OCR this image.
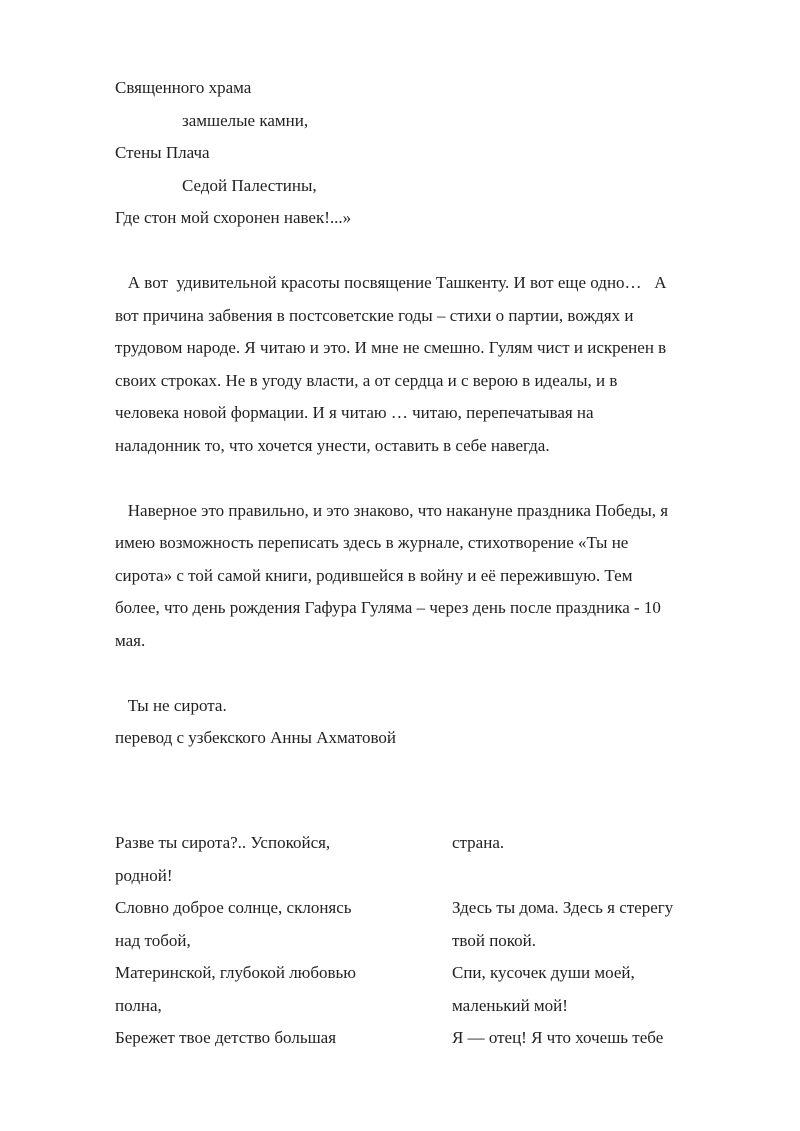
Священного храма
замшелые камни,
Стены Плача
Седой Палестины,
Где стон мой схоронен навек!...»
А вот  удивительной красоты посвящение Ташкенту. И вот еще одно…   А
вот причина забвения в постсоветские годы – стихи о партии, вождях и
трудовом народе. Я читаю и это. И мне не смешно. Гулям чист и искренен в
своих строках. Не в угоду власти, а от сердца и с верою в идеалы, и в
человека новой формации. И я читаю … читаю, перепечатывая на
наладонник то, что хочется унести, оставить в себе навегда.
Наверное это правильно, и это знаково, что накануне праздника Победы, я
имею возможность переписать здесь в журнале, стихотворение «Ты не
сирота» с той самой книги, родившейся в войну и её пережившую. Тем
более, что день рождения Гафура Гуляма – через день после праздника - 10
мая.
Ты не сирота.
перевод с узбекского Анны Ахматовой
Разве ты сирота?.. Успокойся,
родной!
Словно доброе солнце, склонясь
над тобой,
Материнской, глубокой любовью
полна,
Бережет твое детство большая
страна.
Здесь ты дома. Здесь я стерегу
твой покой.
Спи, кусочек души моей,
маленький мой!
Я — отец! Я что хочешь тебе
